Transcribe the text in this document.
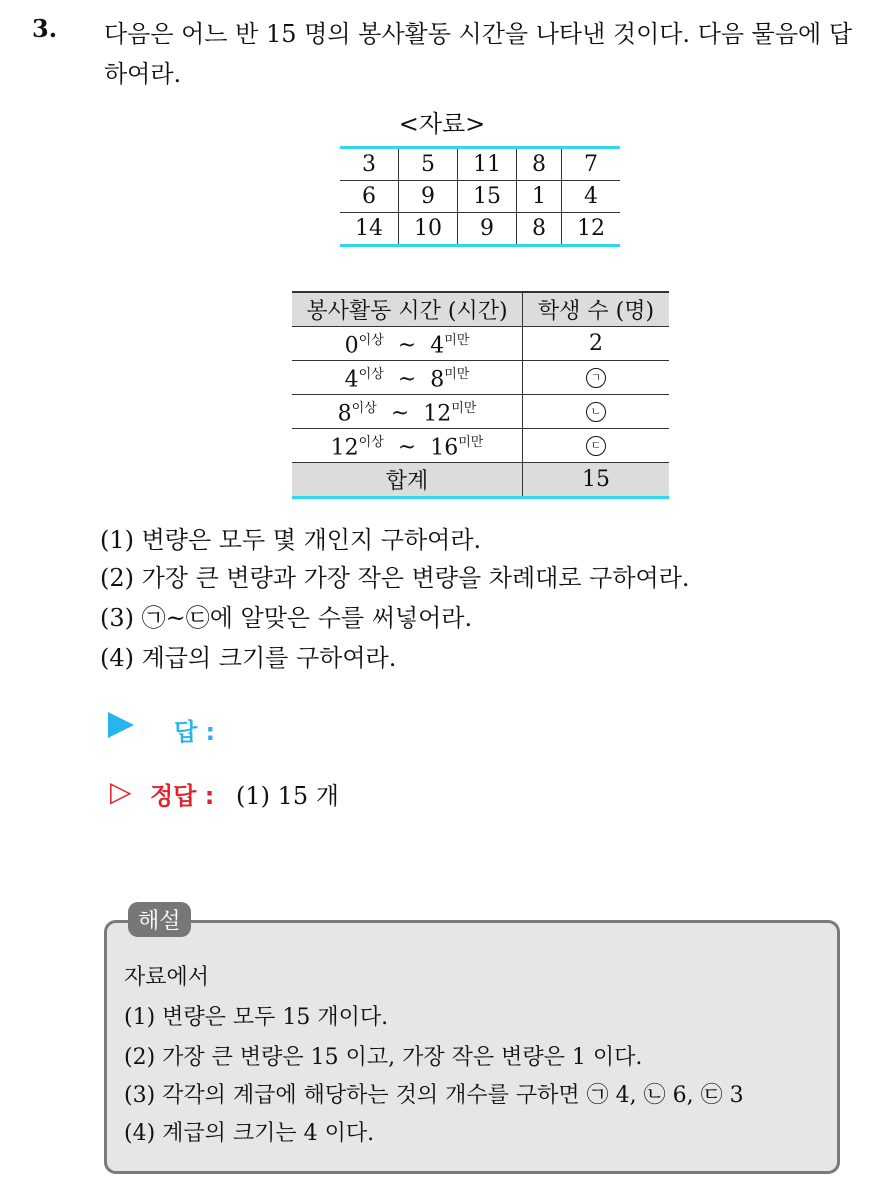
3. 다음은 어느 반 15 명의 봉사활동 시간을 나타낸 것이다. 다음 물음에 답하여라.
<자료>
3	5	11	8	7
6	9	15	1	4
14	10	9	8	12
봉사활동 시간 (시간)	학생 수 (명)
$0^{이상}$ ~ $4^{미만}$	2
$4^{이상}$ ~ $8^{미만}$	ㄱ
$8^{이상}$ ~ $12^{미만}$	ㄴ
$12^{이상}$ ~ $16^{미만}$	ㄷ
합계	15
(1) 변량은 모두 몇 개인지 구하여라.
(2) 가장 큰 변량과 가장 작은 변량을 차례대로 구하여라.
(3) ㉠~㉢에 알맞은 수를 써넣어라.
(4) 계급의 크기를 구하여라.
답 :
▷ 정답 : (1) 15 개
해설
자료에서
(1) 변량은 모두 15 개이다.
(2) 가장 큰 변량은 15 이고, 가장 작은 변량은 1 이다.
(3) 각각의 계급에 해당하는 것의 개수를 구하면 ㉠ 4, ㉡ 6, ㉢ 3
(4) 계급의 크기는 4 이다.
